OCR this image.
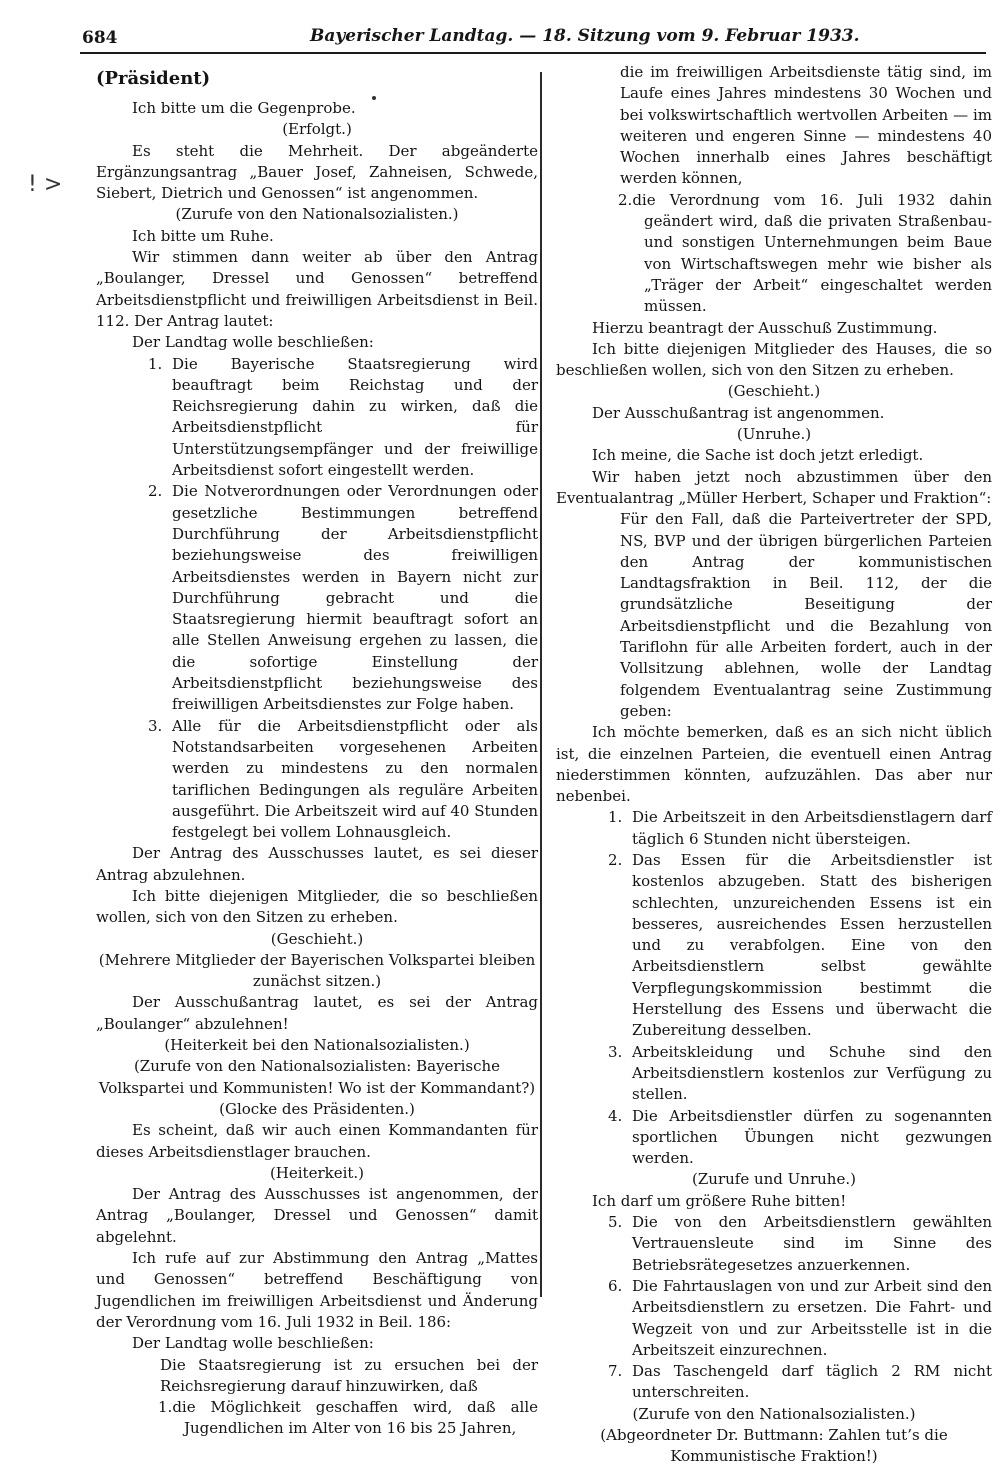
684	Bayerischer Landtag. — 18. Sitzung vom 9. Februar 1933.
! >

(Präsident)

Ich bitte um die Gegenprobe.

(Erfolgt.)

Es steht die Mehrheit. Der abgeänderte Ergänzungsantrag „Bauer Josef, Zahneisen, Schwede, Siebert, Dietrich und Genossen“ ist angenommen.

(Zurufe von den Nationalsozialisten.)

Ich bitte um Ruhe.

Wir stimmen dann weiter ab über den Antrag „Boulanger, Dressel und Genossen“ betreffend Arbeitsdienstpflicht und freiwilligen Arbeitsdienst in Beil. 112. Der Antrag lautet:

Der Landtag wolle beschließen:

1. Die Bayerische Staatsregierung wird beauftragt beim Reichstag und der Reichsregierung dahin zu wirken, daß die Arbeitsdienstpflicht für Unterstützungsempfänger und der freiwillige Arbeitsdienst sofort eingestellt werden.

2. Die Notverordnungen oder Verordnungen oder gesetzliche Bestimmungen betreffend Durchführung der Arbeitsdienstpflicht beziehungsweise des freiwilligen Arbeitsdienstes werden in Bayern nicht zur Durchführung gebracht und die Staatsregierung hiermit beauftragt sofort an alle Stellen Anweisung ergehen zu lassen, die die sofortige Einstellung der Arbeitsdienstpflicht beziehungsweise des freiwilligen Arbeitsdienstes zur Folge haben.

3. Alle für die Arbeitsdienstpflicht oder als Notstandsarbeiten vorgesehenen Arbeiten werden zu mindestens zu den normalen tariflichen Bedingungen als reguläre Arbeiten ausgeführt. Die Arbeitszeit wird auf 40 Stunden festgelegt bei vollem Lohnausgleich.

Der Antrag des Ausschusses lautet, es sei dieser Antrag abzulehnen.

Ich bitte diejenigen Mitglieder, die so beschließen wollen, sich von den Sitzen zu erheben.

(Geschieht.)

(Mehrere Mitglieder der Bayerischen Volkspartei bleiben zunächst sitzen.)

Der Ausschußantrag lautet, es sei der Antrag „Boulanger“ abzulehnen!

(Heiterkeit bei den Nationalsozialisten.)

(Zurufe von den Nationalsozialisten: Bayerische Volkspartei und Kommunisten! Wo ist der Kommandant?)

(Glocke des Präsidenten.)

Es scheint, daß wir auch einen Kommandanten für dieses Arbeitsdienstlager brauchen.

(Heiterkeit.)

Der Antrag des Ausschusses ist angenommen, der Antrag „Boulanger, Dressel und Genossen“ damit abgelehnt.

Ich rufe auf zur Abstimmung den Antrag „Mattes und Genossen“ betreffend Beschäftigung von Jugendlichen im freiwilligen Arbeitsdienst und Änderung der Verordnung vom 16. Juli 1932 in Beil. 186:

Der Landtag wolle beschließen:

Die Staatsregierung ist zu ersuchen bei der Reichsregierung darauf hinzuwirken, daß

1.die Möglichkeit geschaffen wird, daß alle Jugendlichen im Alter von 16 bis 25 Jahren,

die im freiwilligen Arbeitsdienste tätig sind, im Laufe eines Jahres mindestens 30 Wochen und bei volkswirtschaftlich wertvollen Arbeiten — im weiteren und engeren Sinne — mindestens 40 Wochen innerhalb eines Jahres beschäftigt werden können,

2.die Verordnung vom 16. Juli 1932 dahin geändert wird, daß die privaten Straßenbau- und sonstigen Unternehmungen beim Baue von Wirtschaftswegen mehr wie bisher als „Träger der Arbeit“ eingeschaltet werden müssen.

Hierzu beantragt der Ausschuß Zustimmung.

Ich bitte diejenigen Mitglieder des Hauses, die so beschließen wollen, sich von den Sitzen zu erheben.

(Geschieht.)

Der Ausschußantrag ist angenommen.

(Unruhe.)

Ich meine, die Sache ist doch jetzt erledigt.

Wir haben jetzt noch abzustimmen über den Eventualantrag „Müller Herbert, Schaper und Fraktion“:

Für den Fall, daß die Parteivertreter der SPD, NS, BVP und der übrigen bürgerlichen Parteien den Antrag der kommunistischen Landtagsfraktion in Beil. 112, der die grundsätzliche Beseitigung der Arbeitsdienstpflicht und die Bezahlung von Tariflohn für alle Arbeiten fordert, auch in der Vollsitzung ablehnen, wolle der Landtag folgendem Eventualantrag seine Zustimmung geben:

Ich möchte bemerken, daß es an sich nicht üblich ist, die einzelnen Parteien, die eventuell einen Antrag niederstimmen könnten, aufzuzählen. Das aber nur nebenbei.

1. Die Arbeitszeit in den Arbeitsdienstlagern darf täglich 6 Stunden nicht übersteigen.

2. Das Essen für die Arbeitsdienstler ist kostenlos abzugeben. Statt des bisherigen schlechten, unzureichenden Essens ist ein besseres, ausreichendes Essen herzustellen und zu verabfolgen. Eine von den Arbeitsdienstlern selbst gewählte Verpflegungskommission bestimmt die Herstellung des Essens und überwacht die Zubereitung desselben.

3. Arbeitskleidung und Schuhe sind den Arbeitsdienstlern kostenlos zur Verfügung zu stellen.

4. Die Arbeitsdienstler dürfen zu sogenannten sportlichen Übungen nicht gezwungen werden.

(Zurufe und Unruhe.)

Ich darf um größere Ruhe bitten!

5. Die von den Arbeitsdienstlern gewählten Vertrauensleute sind im Sinne des Betriebsrätegesetzes anzuerkennen.

6. Die Fahrtauslagen von und zur Arbeit sind den Arbeitsdienstlern zu ersetzen. Die Fahrt- und Wegzeit von und zur Arbeitsstelle ist in die Arbeitszeit einzurechnen.

7. Das Taschengeld darf täglich 2 RM nicht unterschreiten.

(Zurufe von den Nationalsozialisten.)

(Abgeordneter Dr. Buttmann: Zahlen tut’s die Kommunistische Fraktion!)
